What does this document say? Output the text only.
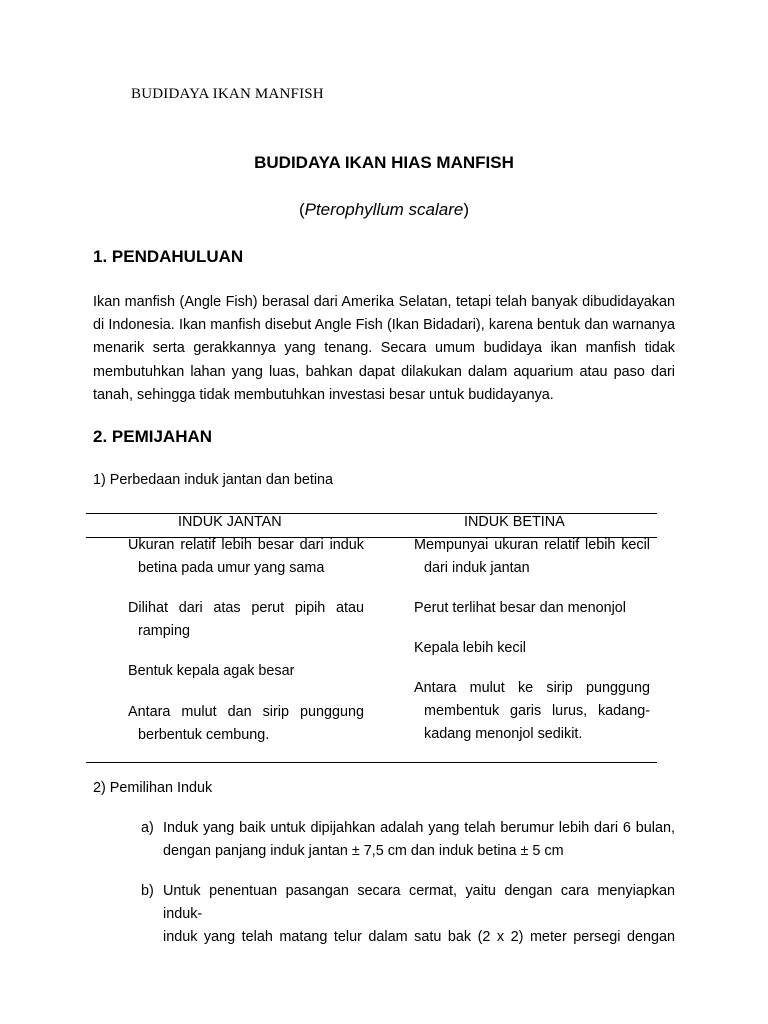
BUDIDAYA IKAN MANFISH
BUDIDAYA IKAN HIAS MANFISH
(Pterophyllum scalare)
1. PENDAHULUAN
Ikan manfish (Angle Fish) berasal dari Amerika Selatan, tetapi telah banyak dibudidayakan
di Indonesia. Ikan manfish disebut Angle Fish (Ikan Bidadari), karena bentuk dan warnanya
menarik serta gerakkannya yang tenang. Secara umum budidaya ikan manfish tidak
membutuhkan lahan yang luas, bahkan dapat dilakukan dalam aquarium atau paso dari
tanah, sehingga tidak membutuhkan investasi besar untuk budidayanya.
2. PEMIJAHAN
1) Perbedaan induk jantan dan betina
INDUK JANTAN	INDUK BETINA
Ukuran relatif lebih besar dari induk
betina pada umur yang sama
Dilihat dari atas perut pipih atau
ramping
Bentuk kepala agak besar
Antara mulut dan sirip punggung
berbentuk cembung.
Mempunyai ukuran relatif lebih kecil
dari induk jantan
Perut terlihat besar dan menonjol
Kepala lebih kecil
Antara mulut ke sirip punggung
membentuk garis lurus, kadang-
kadang menonjol sedikit.
2) Pemilihan Induk
a) Induk yang baik untuk dipijahkan adalah yang telah berumur lebih dari 6 bulan,
dengan panjang induk jantan ± 7,5 cm dan induk betina ± 5 cm
b) Untuk penentuan pasangan secara cermat, yaitu dengan cara menyiapkan induk-
induk yang telah matang telur dalam satu bak (2 x 2) meter persegi dengan
